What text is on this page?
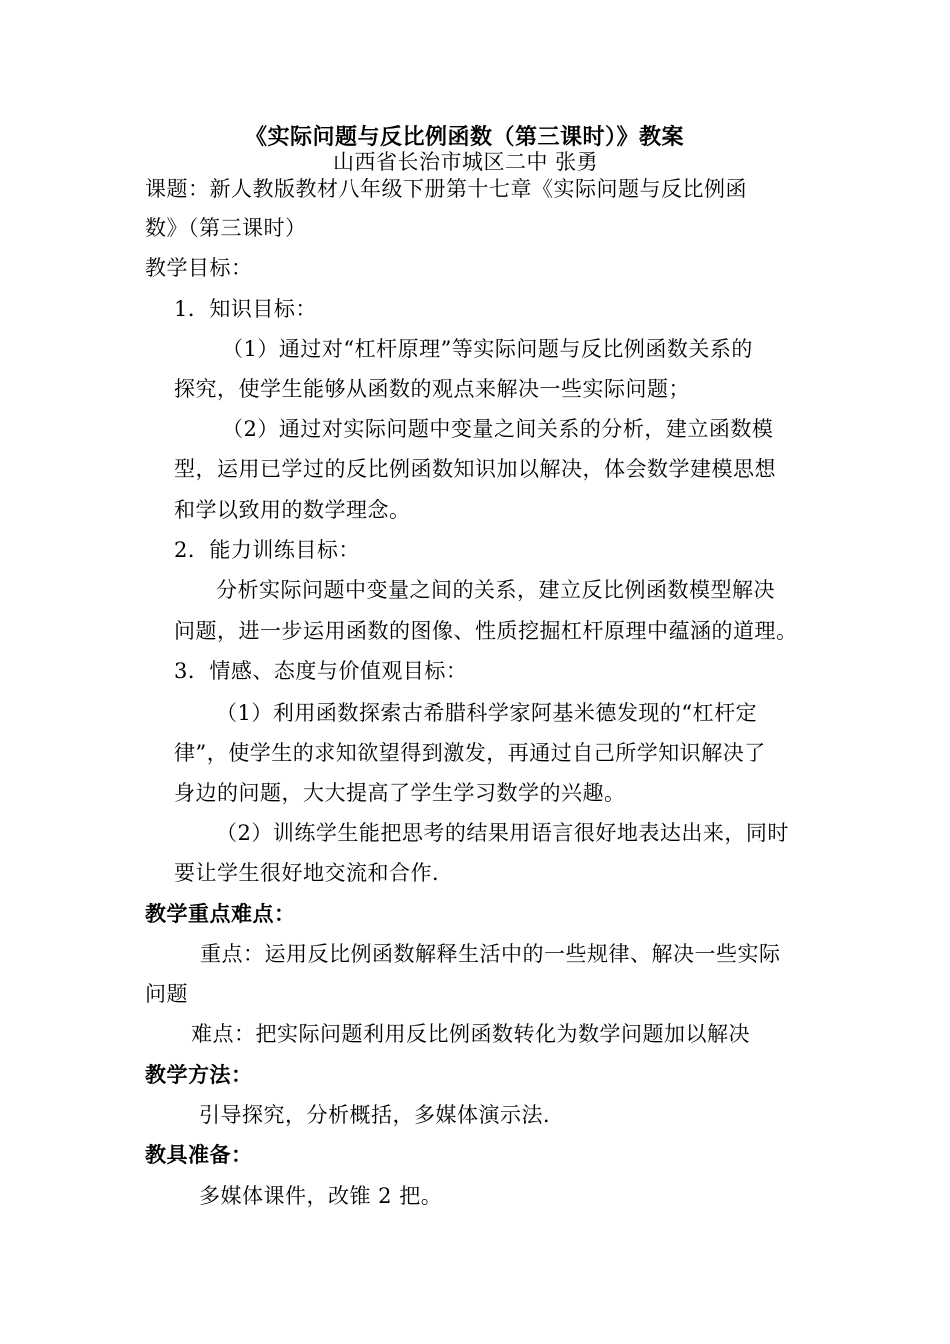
《实际问题与反比例函数（第三课时）》教案
山西省长治市城区二中 张勇
课题：新人教版教材八年级下册第十七章《实际问题与反比例函
数》（第三课时）
教学目标：
1．知识目标：
（1）通过对“杠杆原理”等实际问题与反比例函数关系的
探究，使学生能够从函数的观点来解决一些实际问题；
（2）通过对实际问题中变量之间关系的分析，建立函数模
型，运用已学过的反比例函数知识加以解决，体会数学建模思想
和学以致用的数学理念。
2．能力训练目标：
分析实际问题中变量之间的关系，建立反比例函数模型解决
问题，进一步运用函数的图像、性质挖掘杠杆原理中蕴涵的道理。
3．情感、态度与价值观目标：
（1）利用函数探索古希腊科学家阿基米德发现的“杠杆定
律”，使学生的求知欲望得到激发，再通过自己所学知识解决了
身边的问题，大大提高了学生学习数学的兴趣。
（2）训练学生能把思考的结果用语言很好地表达出来，同时
要让学生很好地交流和合作．
教学重点难点：
重点：运用反比例函数解释生活中的一些规律、解决一些实际
问题
难点：把实际问题利用反比例函数转化为数学问题加以解决
教学方法：
引导探究，分析概括，多媒体演示法．
教具准备：
多媒体课件，改锥 2 把。
